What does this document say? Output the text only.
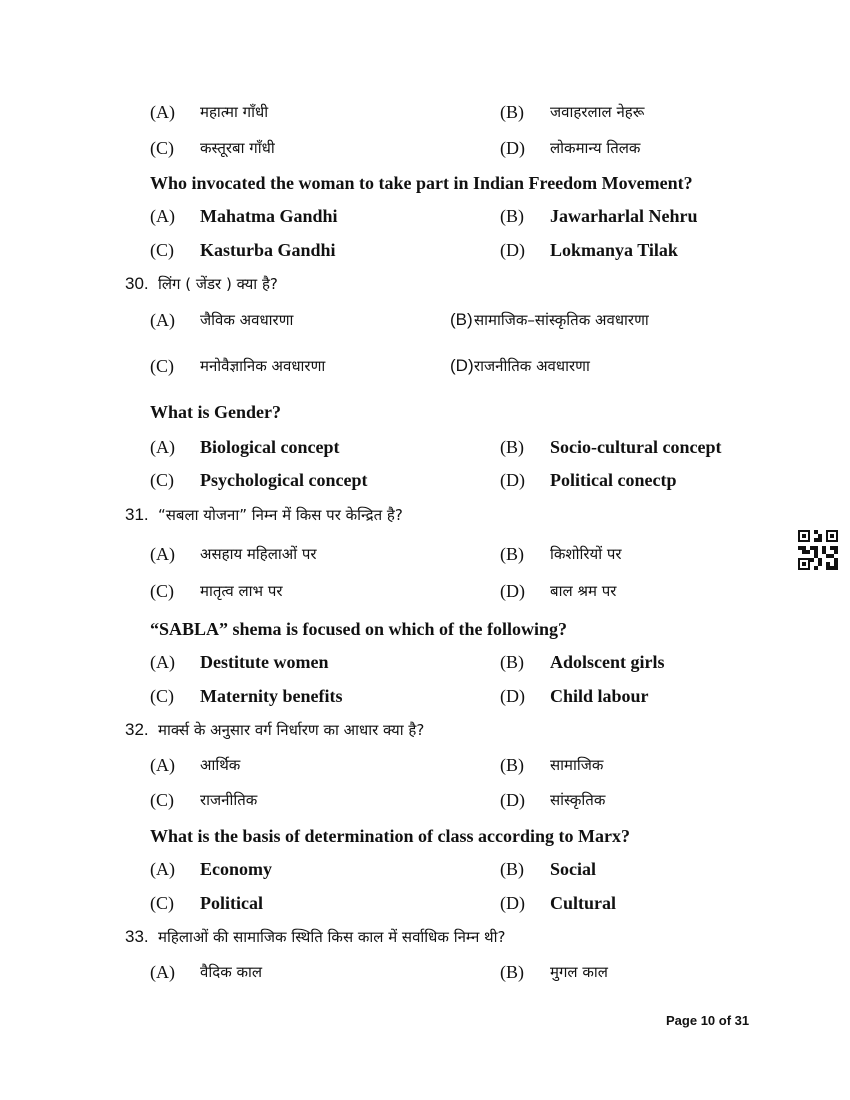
(A) महात्मा गाँधी	(B) जवाहरलाल नेहरू
(C) कस्तूरबा गाँधी	(D) लोकमान्य तिलक
Who invocated the woman to take part in Indian Freedom Movement?
(A) Mahatma Gandhi	(B) Jawarharlal Nehru
(C) Kasturba Gandhi	(D) Lokmanya Tilak
30. लिंग ( जेंडर ) क्या है?
(A) जैविक अवधारणा	(B) सामाजिक–सांस्कृतिक अवधारणा
(C) मनोवैज्ञानिक अवधारणा	(D) राजनीतिक अवधारणा
What is Gender?
(A) Biological concept	(B) Socio-cultural concept
(C) Psychological concept	(D) Political conectp
31. “सबला योजना” निम्न में किस पर केन्द्रित है?
(A) असहाय महिलाओं पर	(B) किशोरियों पर
(C) मातृत्व लाभ पर	(D) बाल श्रम पर
“SABLA” shema is focused on which of the following?
(A) Destitute women	(B) Adolscent girls
(C) Maternity benefits	(D) Child labour
32. मार्क्स के अनुसार वर्ग निर्धारण का आधार क्या है?
(A) आर्थिक	(B) सामाजिक
(C) राजनीतिक	(D) सांस्कृतिक
What is the basis of determination of class according to Marx?
(A) Economy	(B) Social
(C) Political	(D) Cultural
33. महिलाओं की सामाजिक स्थिति किस काल में सर्वाधिक निम्न थी?
(A) वैदिक काल	(B) मुगल काल
Page 10 of 31
